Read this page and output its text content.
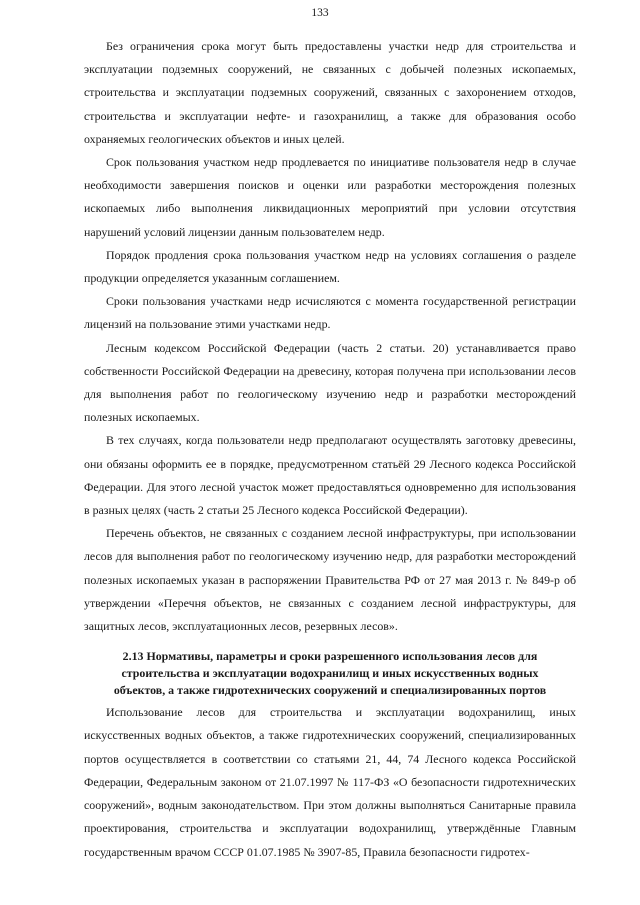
133

Без ограничения срока могут быть предоставлены участки недр для строительства и эксплуатации подземных сооружений, не связанных с добычей полезных ископаемых, строительства и эксплуатации подземных сооружений, связанных с захоронением отходов, строительства и эксплуатации нефте- и газохранилищ, а также для образования особо охраняемых геологических объектов и иных целей.

Срок пользования участком недр продлевается по инициативе пользователя недр в случае необходимости завершения поисков и оценки или разработки месторождения полезных ископаемых либо выполнения ликвидационных мероприятий при условии отсутствия нарушений условий лицензии данным пользователем недр.

Порядок продления срока пользования участком недр на условиях соглашения о разделе продукции определяется указанным соглашением.

Сроки пользования участками недр исчисляются с момента государственной регистрации лицензий на пользование этими участками недр.

Лесным кодексом Российской Федерации (часть 2 статьи. 20) устанавливается право собственности Российской Федерации на древесину, которая получена при использовании лесов для выполнения работ по геологическому изучению недр и разработки месторождений полезных ископаемых.

В тех случаях, когда пользователи недр предполагают осуществлять заготовку древесины, они обязаны оформить ее в порядке, предусмотренном статьёй 29 Лесного кодекса Российской Федерации. Для этого лесной участок может предоставляться одновременно для использования в разных целях (часть 2 статьи 25 Лесного кодекса Российской Федерации).

Перечень объектов, не связанных с созданием лесной инфраструктуры, при использовании лесов для выполнения работ по геологическому изучению недр, для разработки месторождений полезных ископаемых указан в распоряжении Правительства РФ от 27 мая 2013 г. № 849-р об утверждении «Перечня объектов, не связанных с созданием лесной инфраструктуры, для защитных лесов, эксплуатационных лесов, резервных лесов».

2.13 Нормативы, параметры и сроки разрешенного использования лесов для строительства и эксплуатации водохранилищ и иных искусственных водных объектов, а также гидротехнических сооружений и специализированных портов

Использование лесов для строительства и эксплуатации водохранилищ, иных искусственных водных объектов, а также гидротехнических сооружений, специализированных портов осуществляется в соответствии со статьями 21, 44, 74 Лесного кодекса Российской Федерации, Федеральным законом от 21.07.1997 № 117-ФЗ «О безопасности гидротехнических сооружений», водным законодательством. При этом должны выполняться Санитарные правила проектирования, строительства и эксплуатации водохранилищ, утверждённые Главным государственным врачом СССР 01.07.1985 № 3907-85, Правила безопасности гидротех-
